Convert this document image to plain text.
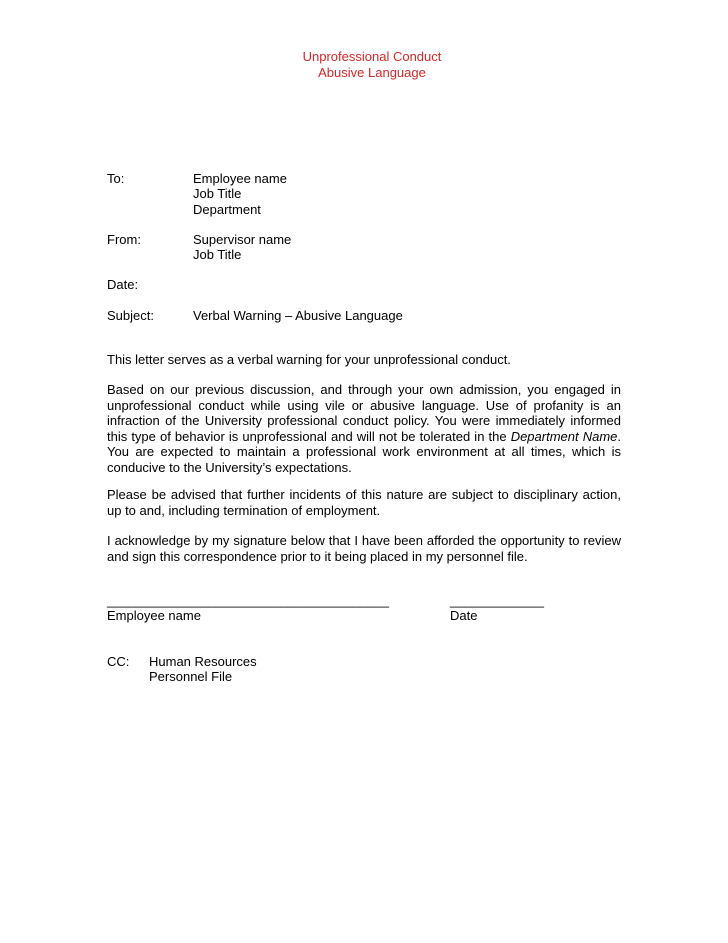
Unprofessional Conduct
Abusive Language
To:	Employee name
Job Title
Department
From:	Supervisor name
Job Title
Date:
Subject:	Verbal Warning – Abusive Language
This letter serves as a verbal warning for your unprofessional conduct.
Based on our previous discussion, and through your own admission, you engaged in unprofessional conduct while using vile or abusive language. Use of profanity is an infraction of the University professional conduct policy. You were immediately informed this type of behavior is unprofessional and will not be tolerated in the Department Name. You are expected to maintain a professional work environment at all times, which is conducive to the University’s expectations.
Please be advised that further incidents of this nature are subject to disciplinary action, up to and, including termination of employment.
I acknowledge by my signature below that I have been afforded the opportunity to review and sign this correspondence prior to it being placed in my personnel file.
_______________________________________	_____________
Employee name	Date
CC: Human Resources
Personnel File
